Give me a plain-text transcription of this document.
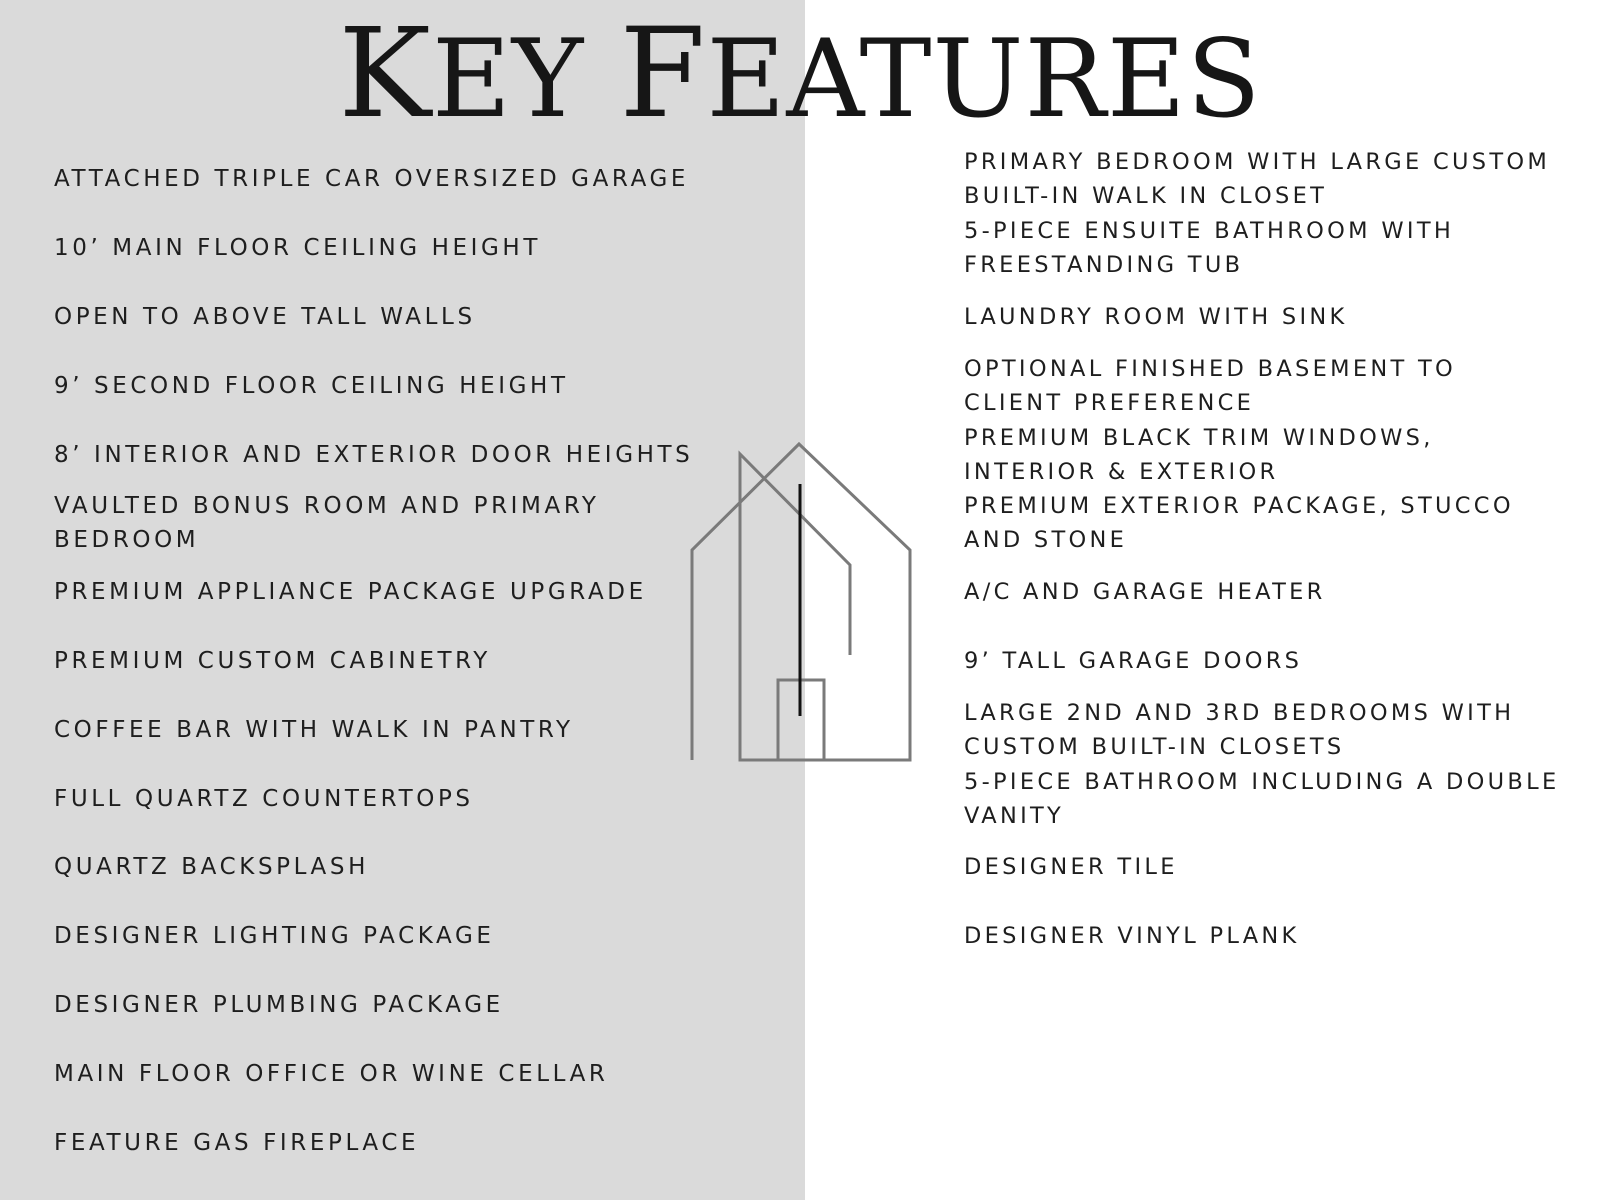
KEY FEATURES
ATTACHED TRIPLE CAR OVERSIZED GARAGE
10’ MAIN FLOOR CEILING HEIGHT
OPEN TO ABOVE TALL WALLS
9’ SECOND FLOOR CEILING HEIGHT
8’ INTERIOR AND EXTERIOR DOOR HEIGHTS
VAULTED BONUS ROOM AND PRIMARY BEDROOM
PREMIUM APPLIANCE PACKAGE UPGRADE
PREMIUM CUSTOM CABINETRY
COFFEE BAR WITH WALK IN PANTRY
FULL QUARTZ COUNTERTOPS
QUARTZ BACKSPLASH
DESIGNER LIGHTING PACKAGE
DESIGNER PLUMBING PACKAGE
MAIN FLOOR OFFICE OR WINE CELLAR
FEATURE GAS FIREPLACE
PRIMARY BEDROOM WITH LARGE CUSTOM BUILT-IN WALK IN CLOSET
5-PIECE ENSUITE BATHROOM WITH FREESTANDING TUB
LAUNDRY ROOM WITH SINK
OPTIONAL FINISHED BASEMENT TO CLIENT PREFERENCE
PREMIUM BLACK TRIM WINDOWS, INTERIOR & EXTERIOR
PREMIUM EXTERIOR PACKAGE, STUCCO AND STONE
A/C AND GARAGE HEATER
9’ TALL GARAGE DOORS
LARGE 2ND AND 3RD BEDROOMS WITH CUSTOM BUILT-IN CLOSETS
5-PIECE BATHROOM INCLUDING A DOUBLE VANITY
DESIGNER TILE
DESIGNER VINYL PLANK
